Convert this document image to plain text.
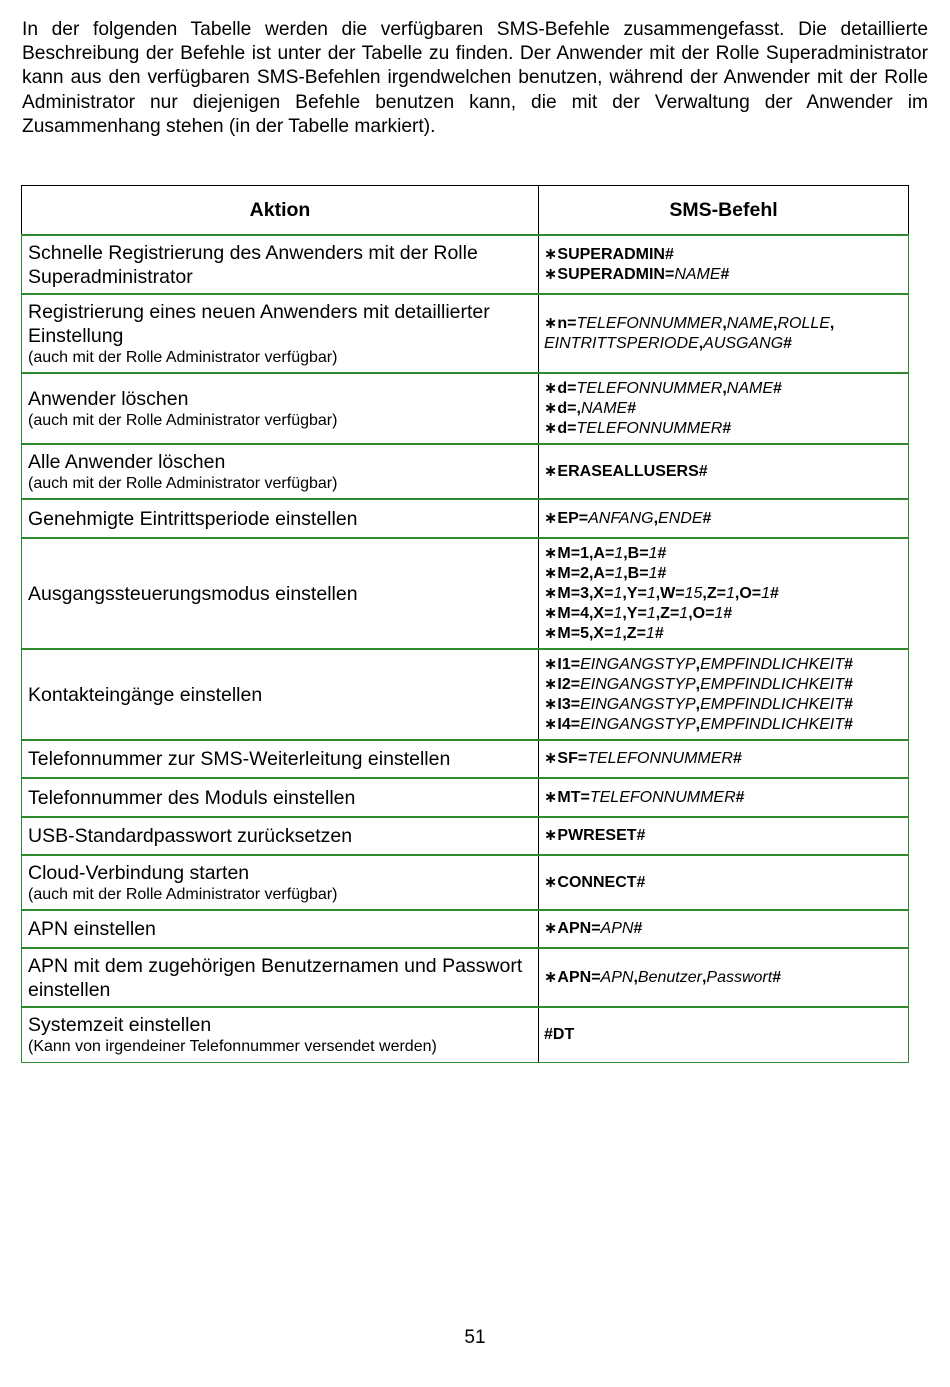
In der folgenden Tabelle werden die verfügbaren SMS-Befehle zusammengefasst. Die detaillierte Beschreibung der Befehle ist unter der Tabelle zu finden. Der Anwender mit der Rolle Superadministrator kann aus den verfügbaren SMS-Befehlen irgendwelchen benutzen, während der Anwender mit der Rolle Administrator nur diejenigen Befehle benutzen kann, die mit der Verwaltung der Anwender im Zusammenhang stehen (in der Tabelle markiert).
Aktion	SMS-Befehl
Schnelle Registrierung des Anwenders mit der Rolle Superadministrator	∗SUPERADMIN#
∗SUPERADMIN=NAME#

Registrierung eines neuen Anwenders mit detaillierter Einstellung
(auch mit der Rolle Administrator verfügbar)	∗n=TELEFONNUMMER,NAME,ROLLE,
EINTRITTSPERIODE,AUSGANG#

Anwender löschen
(auch mit der Rolle Administrator verfügbar)	∗d=TELEFONNUMMER,NAME#
∗d=,NAME#
∗d=TELEFONNUMMER#

Alle Anwender löschen
(auch mit der Rolle Administrator verfügbar)	∗ERASEALLUSERS#

Genehmigte Eintrittsperiode einstellen	∗EP=ANFANG,ENDE#

Ausgangssteuerungsmodus einstellen	∗M=1,A=1,B=1#
∗M=2,A=1,B=1#
∗M=3,X=1,Y=1,W=15,Z=1,O=1#
∗M=4,X=1,Y=1,Z=1,O=1#
∗M=5,X=1,Z=1#

Kontakteingänge einstellen	∗I1=EINGANGSTYP,EMPFINDLICHKEIT#
∗I2=EINGANGSTYP,EMPFINDLICHKEIT#
∗I3=EINGANGSTYP,EMPFINDLICHKEIT#
∗I4=EINGANGSTYP,EMPFINDLICHKEIT#

Telefonnummer zur SMS-Weiterleitung einstellen	∗SF=TELEFONNUMMER#

Telefonnummer des Moduls einstellen	∗MT=TELEFONNUMMER#

USB-Standardpasswort zurücksetzen	∗PWRESET#

Cloud-Verbindung starten
(auch mit der Rolle Administrator verfügbar)	∗CONNECT#

APN einstellen	∗APN=APN#

APN mit dem zugehörigen Benutzernamen und Passwort einstellen	∗APN=APN,Benutzer,Passwort#

Systemzeit einstellen
(Kann von irgendeiner Telefonnummer versendet werden)	#DT
51
